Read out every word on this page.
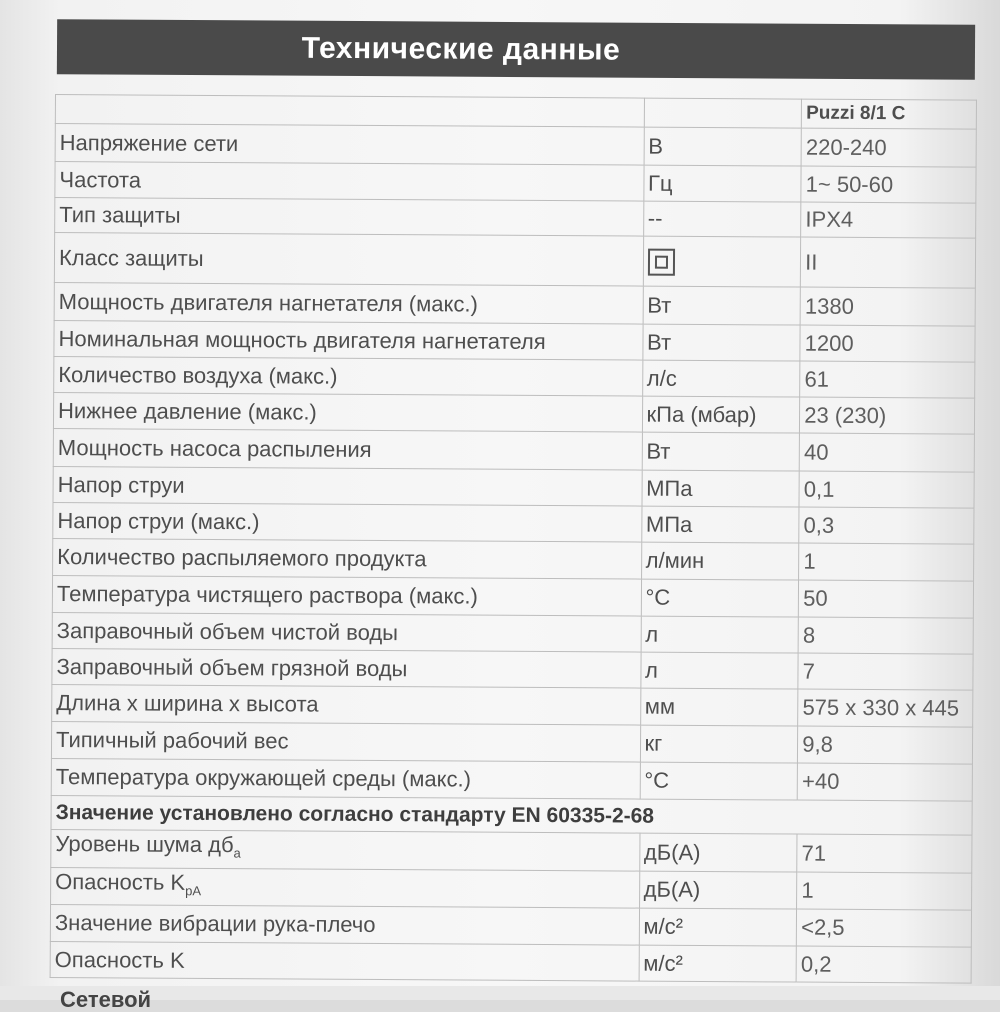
Технические данные
		Puzzi 8/1 C
Напряжение сети	В	220-240
Частота	Гц	1~ 50-60
Тип защиты	--	IPX4
Класс защиты		II
Мощность двигателя нагнетателя (макс.)	Вт	1380
Номинальная мощность двигателя нагнетателя	Вт	1200
Количество воздуха (макс.)	л/с	61
Нижнее давление (макс.)	кПа (мбар)	23 (230)
Мощность насоса распыления	Вт	40
Напор струи	МПа	0,1
Напор струи (макс.)	МПа	0,3
Количество распыляемого продукта	л/мин	1
Температура чистящего раствора (макс.)	°C	50
Заправочный объем чистой воды	л	8
Заправочный объем грязной воды	л	7
Длина x ширина x высота	мм	575 x 330 x 445
Типичный рабочий вес	кг	9,8
Температура окружающей среды (макс.)	°C	+40
Значение установлено согласно стандарту EN 60335-2-68		
Уровень шума $дб_a$	дБ(А)	71
Опасность $K_{pA}$	дБ(А)	1
Значение вибрации рука-плечо	м/с²	<2,5
Опасность K	м/с²	0,2
Сетевой
